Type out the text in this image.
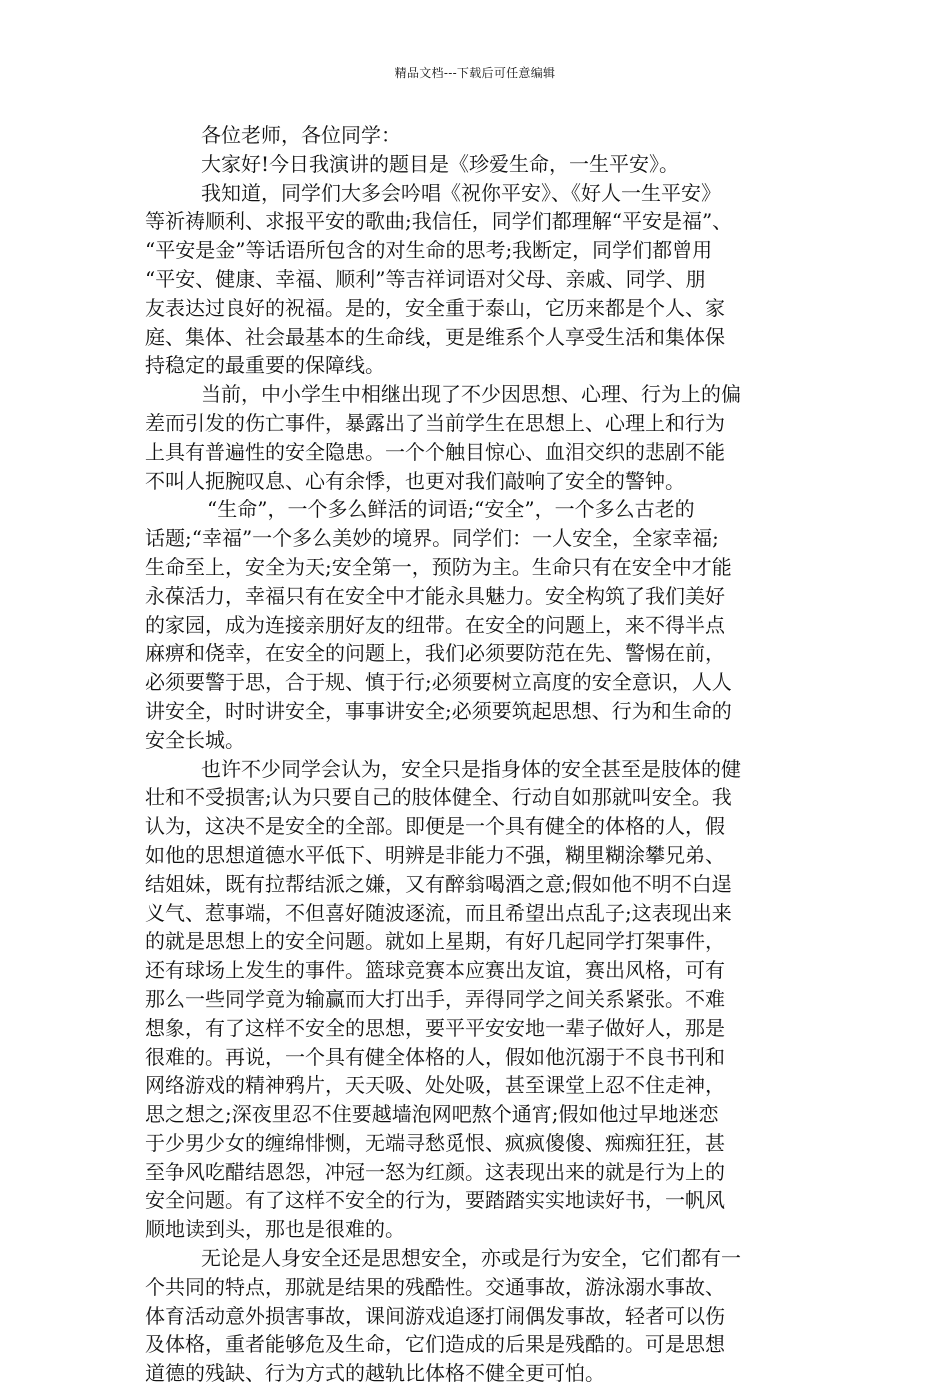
精品文档---下载后可任意编辑
各位老师，各位同学：
大家好!今日我演讲的题目是《珍爱生命，一生平安》。
我知道，同学们大多会吟唱《祝你平安》、《好人一生平安》
等祈祷顺利、求报平安的歌曲;我信任，同学们都理解“平安是福”、
“平安是金”等话语所包含的对生命的思考;我断定，同学们都曾用
“平安、健康、幸福、顺利”等吉祥词语对父母、亲戚、同学、朋
友表达过良好的祝福。是的，安全重于泰山，它历来都是个人、家
庭、集体、社会最基本的生命线，更是维系个人享受生活和集体保
持稳定的最重要的保障线。
当前，中小学生中相继出现了不少因思想、心理、行为上的偏
差而引发的伤亡事件，暴露出了当前学生在思想上、心理上和行为
上具有普遍性的安全隐患。一个个触目惊心、血泪交织的悲剧不能
不叫人扼腕叹息、心有余悸，也更对我们敲响了安全的警钟。
“生命”，一个多么鲜活的词语;“安全”，一个多么古老的
话题;“幸福”一个多么美妙的境界。同学们：一人安全，全家幸福;
生命至上，安全为天;安全第一，预防为主。生命只有在安全中才能
永葆活力，幸福只有在安全中才能永具魅力。安全构筑了我们美好
的家园，成为连接亲朋好友的纽带。在安全的问题上，来不得半点
麻痹和侥幸，在安全的问题上，我们必须要防范在先、警惕在前，
必须要警于思，合于规、慎于行;必须要树立高度的安全意识，人人
讲安全，时时讲安全，事事讲安全;必须要筑起思想、行为和生命的
安全长城。
也许不少同学会认为，安全只是指身体的安全甚至是肢体的健
壮和不受损害;认为只要自己的肢体健全、行动自如那就叫安全。我
认为，这决不是安全的全部。即便是一个具有健全的体格的人，假
如他的思想道德水平低下、明辨是非能力不强，糊里糊涂攀兄弟、
结姐妹，既有拉帮结派之嫌，又有醉翁喝酒之意;假如他不明不白逞
义气、惹事端，不但喜好随波逐流，而且希望出点乱子;这表现出来
的就是思想上的安全问题。就如上星期，有好几起同学打架事件，
还有球场上发生的事件。篮球竞赛本应赛出友谊，赛出风格，可有
那么一些同学竟为输赢而大打出手，弄得同学之间关系紧张。不难
想象，有了这样不安全的思想，要平平安安地一辈子做好人，那是
很难的。再说，一个具有健全体格的人，假如他沉溺于不良书刊和
网络游戏的精神鸦片，天天吸、处处吸，甚至课堂上忍不住走神，
思之想之;深夜里忍不住要越墙泡网吧熬个通宵;假如他过早地迷恋
于少男少女的缠绵悱恻，无端寻愁觅恨、疯疯傻傻、痴痴狂狂，甚
至争风吃醋结恩怨，冲冠一怒为红颜。这表现出来的就是行为上的
安全问题。有了这样不安全的行为，要踏踏实实地读好书，一帆风
顺地读到头，那也是很难的。
无论是人身安全还是思想安全，亦或是行为安全，它们都有一
个共同的特点，那就是结果的残酷性。交通事故，游泳溺水事故、
体育活动意外损害事故，课间游戏追逐打闹偶发事故，轻者可以伤
及体格，重者能够危及生命，它们造成的后果是残酷的。可是思想
道德的残缺、行为方式的越轨比体格不健全更可怕。
